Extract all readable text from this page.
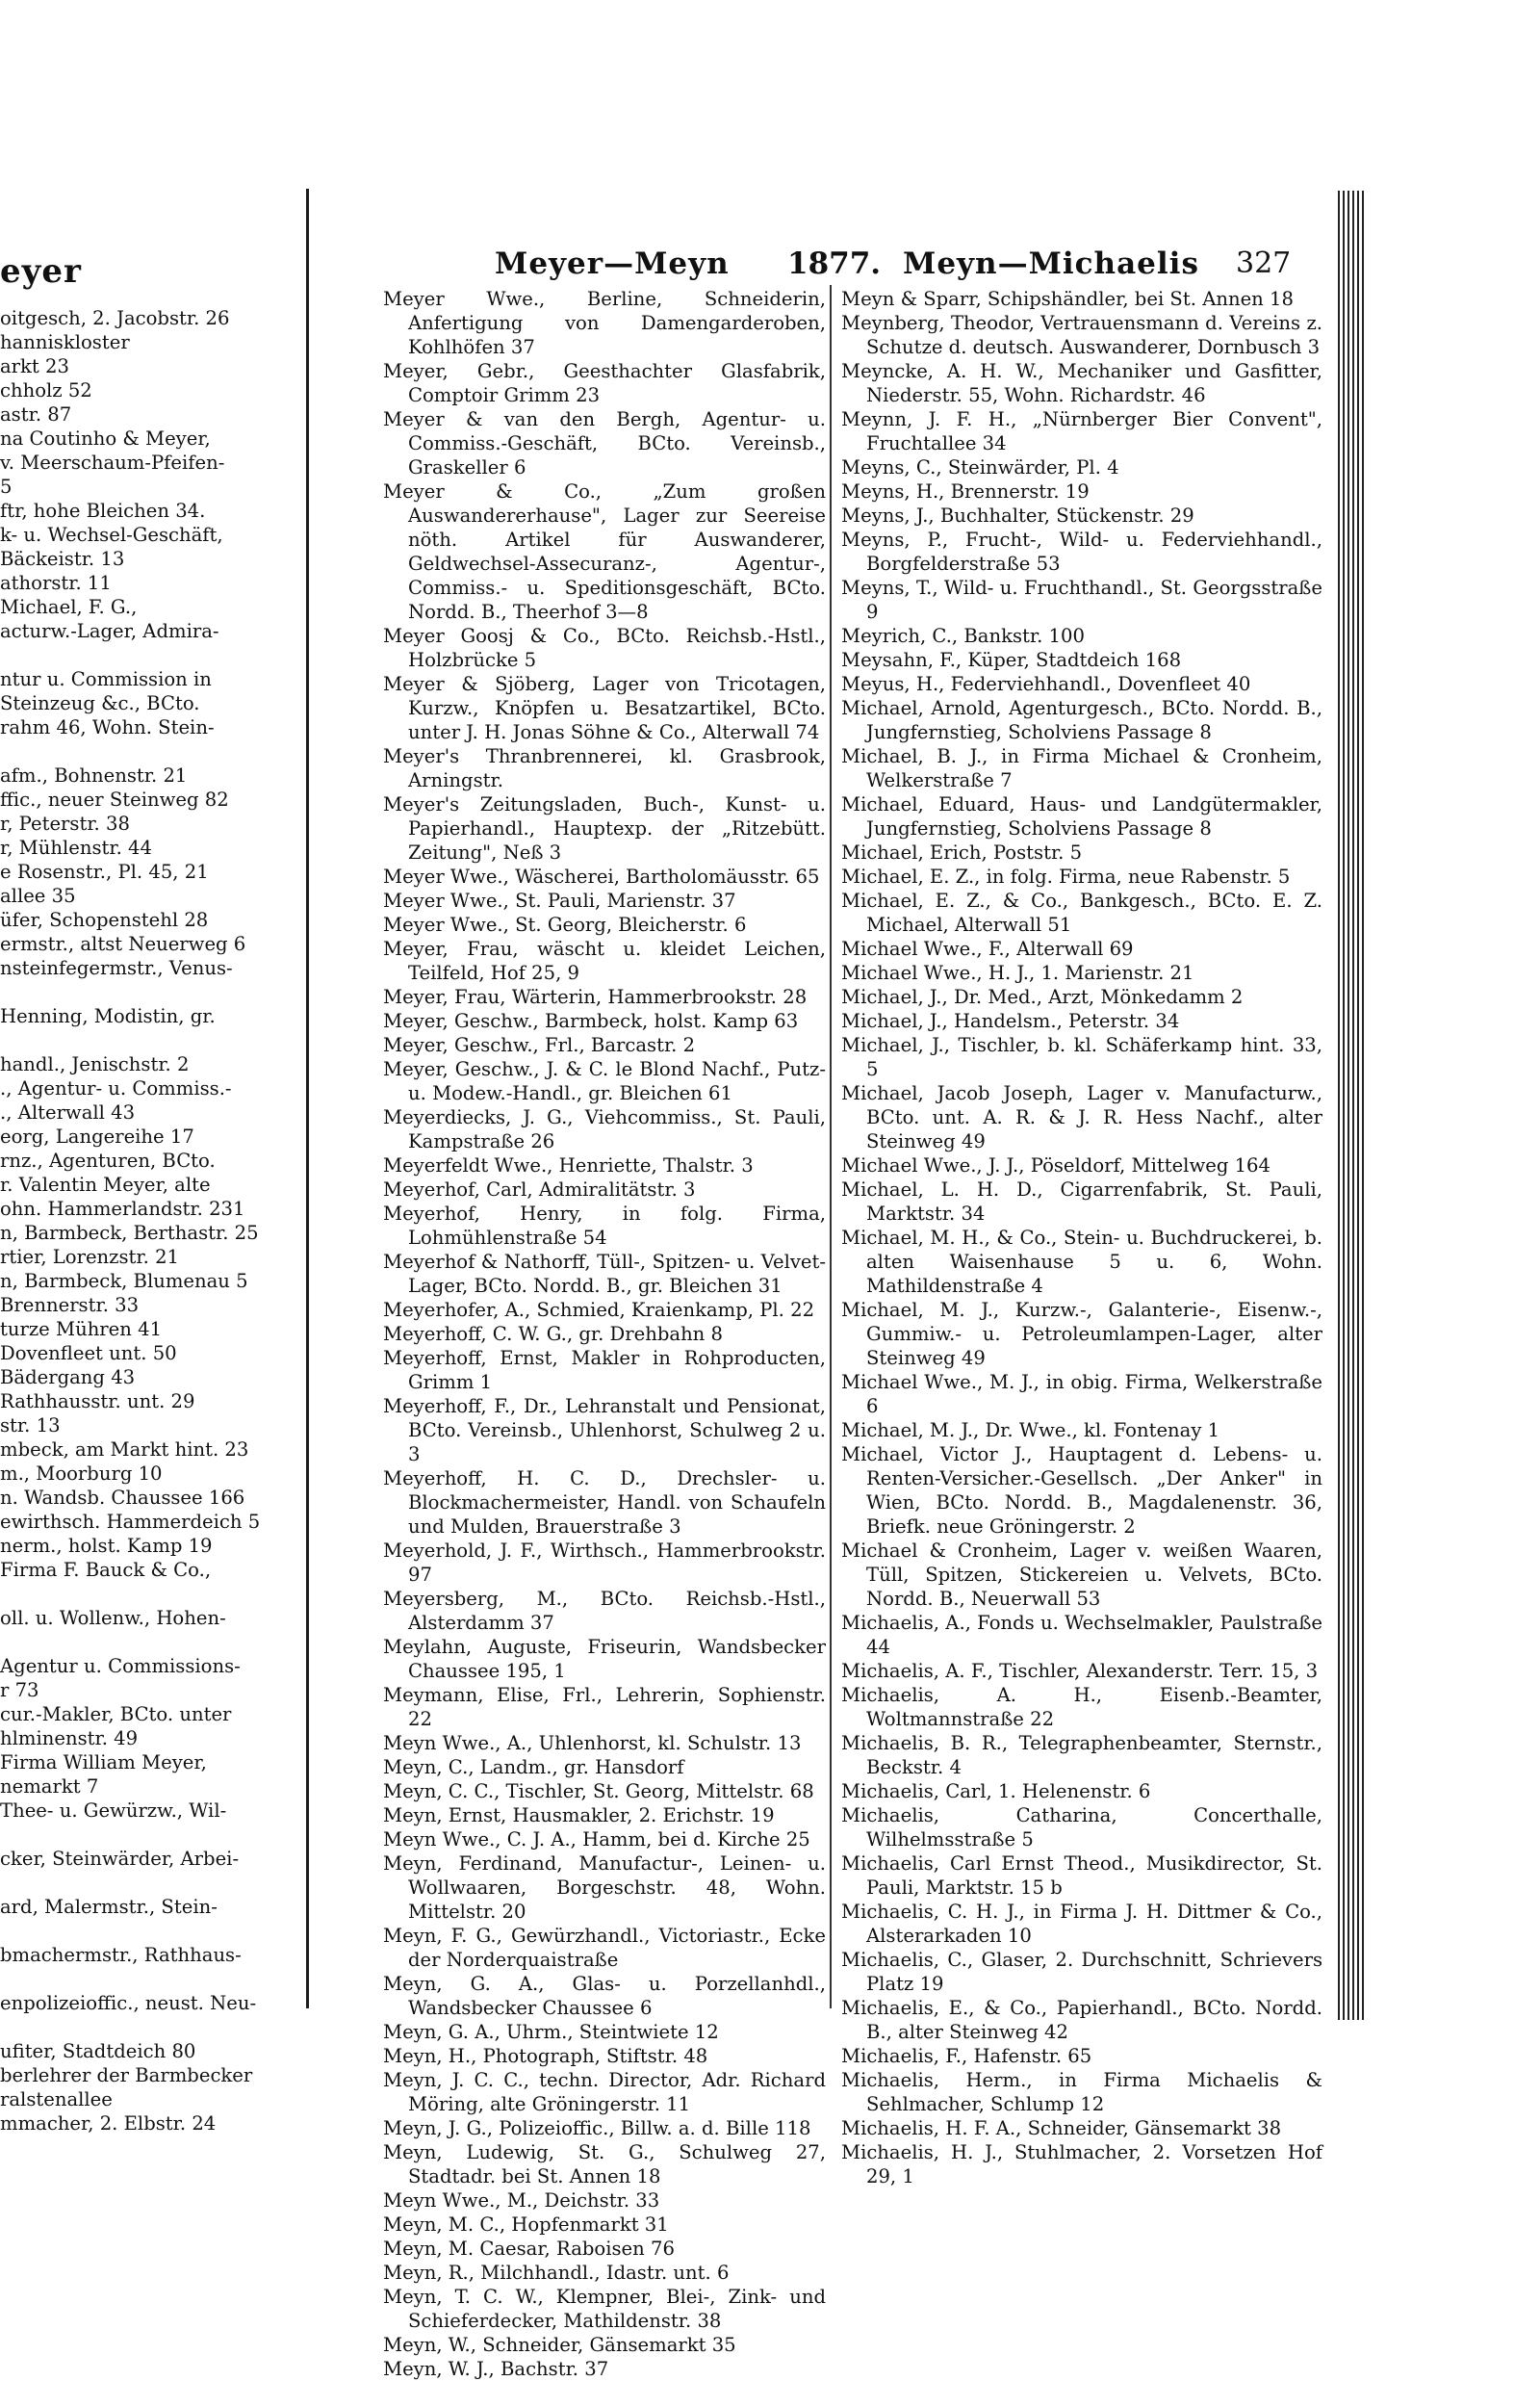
eyer

oitgesch, 2. Jacobstr. 26

hanniskloster

arkt 23

chholz 52

astr. 87

na Coutinho & Meyer,

v. Meerschaum-Pfeifen-

5

ftr, hohe Bleichen 34.

k- u. Wechsel-Geschäft,

Bäckeistr. 13

athorstr. 11

Michael, F. G.,

acturw.-Lager, Admira-

ntur u. Commission in

Steinzeug &c., BCto.

rahm 46, Wohn. Stein-

afm., Bohnenstr. 21

ffic., neuer Steinweg 82

r, Peterstr. 38

r, Mühlenstr. 44

e Rosenstr., Pl. 45, 21

allee 35

üfer, Schopenstehl 28

ermstr., altst Neuerweg 6

nsteinfegermstr., Venus-

Henning, Modistin, gr.

handl., Jenischstr. 2

., Agentur- u. Commiss.-

., Alterwall 43

eorg, Langereihe 17

rnz., Agenturen, BCto.

r. Valentin Meyer, alte

ohn. Hammerlandstr. 231

n, Barmbeck, Berthastr. 25

rtier, Lorenzstr. 21

n, Barmbeck, Blumenau 5

Brennerstr. 33

turze Mühren 41

Dovenfleet unt. 50

Bädergang 43

Rathhausstr. unt. 29

str. 13

mbeck, am Markt hint. 23

m., Moorburg 10

n. Wandsb. Chaussee 166

ewirthsch. Hammerdeich 5

nerm., holst. Kamp 19

Firma F. Bauck & Co.,

oll. u. Wollenw., Hohen-

Agentur u. Commissions-

r 73

cur.-Makler, BCto. unter

hlminenstr. 49

Firma William Meyer,

nemarkt 7

Thee- u. Gewürzw., Wil-

cker, Steinwärder, Arbei-

ard, Malermstr., Stein-

bmachermstr., Rathhaus-

enpolizeioffic., neust. Neu-

ufiter, Stadtdeich 80

berlehrer der Barmbecker

ralstenallee

mmacher, 2. Elbstr. 24

Meyer—Meyn 1877. Meyn—Michaelis 327

Meyer Wwe., Berline, Schneiderin, Anfertigung von Damengarderoben, Kohlhöfen 37

Meyer, Gebr., Geesthachter Glasfabrik, Comptoir Grimm 23

Meyer & van den Bergh, Agentur- u. Commiss.-Geschäft, BCto. Vereinsb., Graskeller 6

Meyer & Co., „Zum großen Auswandererhause", Lager zur Seereise nöth. Artikel für Auswanderer, Geldwechsel-Assecuranz-, Agentur-, Commiss.- u. Speditionsgeschäft, BCto. Nordd. B., Theerhof 3—8

Meyer Goosj & Co., BCto. Reichsb.-Hstl., Holzbrücke 5

Meyer & Sjöberg, Lager von Tricotagen, Kurzw., Knöpfen u. Besatzartikel, BCto. unter J. H. Jonas Söhne & Co., Alterwall 74

Meyer's Thranbrennerei, kl. Grasbrook, Arningstr.

Meyer's Zeitungsladen, Buch-, Kunst- u. Papierhandl., Hauptexp. der „Ritzebütt. Zeitung", Neß 3

Meyer Wwe., Wäscherei, Bartholomäusstr. 65

Meyer Wwe., St. Pauli, Marienstr. 37

Meyer Wwe., St. Georg, Bleicherstr. 6

Meyer, Frau, wäscht u. kleidet Leichen, Teilfeld, Hof 25, 9

Meyer, Frau, Wärterin, Hammerbrookstr. 28

Meyer, Geschw., Barmbeck, holst. Kamp 63

Meyer, Geschw., Frl., Barcastr. 2

Meyer, Geschw., J. & C. le Blond Nachf., Putz- u. Modew.-Handl., gr. Bleichen 61

Meyerdiecks, J. G., Viehcommiss., St. Pauli, Kampstraße 26

Meyerfeldt Wwe., Henriette, Thalstr. 3

Meyerhof, Carl, Admiralitätstr. 3

Meyerhof, Henry, in folg. Firma, Lohmühlenstraße 54

Meyerhof & Nathorff, Tüll-, Spitzen- u. Velvet-Lager, BCto. Nordd. B., gr. Bleichen 31

Meyerhofer, A., Schmied, Kraienkamp, Pl. 22

Meyerhoff, C. W. G., gr. Drehbahn 8

Meyerhoff, Ernst, Makler in Rohproducten, Grimm 1

Meyerhoff, F., Dr., Lehranstalt und Pensionat, BCto. Vereinsb., Uhlenhorst, Schulweg 2 u. 3

Meyerhoff, H. C. D., Drechsler- u. Blockmachermeister, Handl. von Schaufeln und Mulden, Brauerstraße 3

Meyerhold, J. F., Wirthsch., Hammerbrookstr. 97

Meyersberg, M., BCto. Reichsb.-Hstl., Alsterdamm 37

Meylahn, Auguste, Friseurin, Wandsbecker Chaussee 195, 1

Meymann, Elise, Frl., Lehrerin, Sophienstr. 22

Meyn Wwe., A., Uhlenhorst, kl. Schulstr. 13

Meyn, C., Landm., gr. Hansdorf

Meyn, C. C., Tischler, St. Georg, Mittelstr. 68

Meyn, Ernst, Hausmakler, 2. Erichstr. 19

Meyn Wwe., C. J. A., Hamm, bei d. Kirche 25

Meyn, Ferdinand, Manufactur-, Leinen- u. Wollwaaren, Borgeschstr. 48, Wohn. Mittelstr. 20

Meyn, F. G., Gewürzhandl., Victoriastr., Ecke der Norderquaistraße

Meyn, G. A., Glas- u. Porzellanhdl., Wandsbecker Chaussee 6

Meyn, G. A., Uhrm., Steintwiete 12

Meyn, H., Photograph, Stiftstr. 48

Meyn, J. C. C., techn. Director, Adr. Richard Möring, alte Gröningerstr. 11

Meyn, J. G., Polizeioffic., Billw. a. d. Bille 118

Meyn, Ludewig, St. G., Schulweg 27, Stadtadr. bei St. Annen 18

Meyn Wwe., M., Deichstr. 33

Meyn, M. C., Hopfenmarkt 31

Meyn, M. Caesar, Raboisen 76

Meyn, R., Milchhandl., Idastr. unt. 6

Meyn, T. C. W., Klempner, Blei-, Zink- und Schieferdecker, Mathildenstr. 38

Meyn, W., Schneider, Gänsemarkt 35

Meyn, W. J., Bachstr. 37

Meyn & Sparr, Schipshändler, bei St. Annen 18

Meynberg, Theodor, Vertrauensmann d. Vereins z. Schutze d. deutsch. Auswanderer, Dornbusch 3

Meyncke, A. H. W., Mechaniker und Gasfitter, Niederstr. 55, Wohn. Richardstr. 46

Meynn, J. F. H., „Nürnberger Bier Convent", Fruchtallee 34

Meyns, C., Steinwärder, Pl. 4

Meyns, H., Brennerstr. 19

Meyns, J., Buchhalter, Stückenstr. 29

Meyns, P., Frucht-, Wild- u. Federviehhandl., Borgfelderstraße 53

Meyns, T., Wild- u. Fruchthandl., St. Georgsstraße 9

Meyrich, C., Bankstr. 100

Meysahn, F., Küper, Stadtdeich 168

Meyus, H., Federviehhandl., Dovenfleet 40

Michael, Arnold, Agenturgesch., BCto. Nordd. B., Jungfernstieg, Scholviens Passage 8

Michael, B. J., in Firma Michael & Cronheim, Welkerstraße 7

Michael, Eduard, Haus- und Landgütermakler, Jungfernstieg, Scholviens Passage 8

Michael, Erich, Poststr. 5

Michael, E. Z., in folg. Firma, neue Rabenstr. 5

Michael, E. Z., & Co., Bankgesch., BCto. E. Z. Michael, Alterwall 51

Michael Wwe., F., Alterwall 69

Michael Wwe., H. J., 1. Marienstr. 21

Michael, J., Dr. Med., Arzt, Mönkedamm 2

Michael, J., Handelsm., Peterstr. 34

Michael, J., Tischler, b. kl. Schäferkamp hint. 33, 5

Michael, Jacob Joseph, Lager v. Manufacturw., BCto. unt. A. R. & J. R. Hess Nachf., alter Steinweg 49

Michael Wwe., J. J., Pöseldorf, Mittelweg 164

Michael, L. H. D., Cigarrenfabrik, St. Pauli, Marktstr. 34

Michael, M. H., & Co., Stein- u. Buchdruckerei, b. alten Waisenhause 5 u. 6, Wohn. Mathildenstraße 4

Michael, M. J., Kurzw.-, Galanterie-, Eisenw.-, Gummiw.- u. Petroleumlampen-Lager, alter Steinweg 49

Michael Wwe., M. J., in obig. Firma, Welkerstraße 6

Michael, M. J., Dr. Wwe., kl. Fontenay 1

Michael, Victor J., Hauptagent d. Lebens- u. Renten-Versicher.-Gesellsch. „Der Anker" in Wien, BCto. Nordd. B., Magdalenenstr. 36, Briefk. neue Gröningerstr. 2

Michael & Cronheim, Lager v. weißen Waaren, Tüll, Spitzen, Stickereien u. Velvets, BCto. Nordd. B., Neuerwall 53

Michaelis, A., Fonds u. Wechselmakler, Paulstraße 44

Michaelis, A. F., Tischler, Alexanderstr. Terr. 15, 3

Michaelis, A. H., Eisenb.-Beamter, Woltmannstraße 22

Michaelis, B. R., Telegraphenbeamter, Sternstr., Beckstr. 4

Michaelis, Carl, 1. Helenenstr. 6

Michaelis, Catharina, Concerthalle, Wilhelmsstraße 5

Michaelis, Carl Ernst Theod., Musikdirector, St. Pauli, Marktstr. 15 b

Michaelis, C. H. J., in Firma J. H. Dittmer & Co., Alsterarkaden 10

Michaelis, C., Glaser, 2. Durchschnitt, Schrievers Platz 19

Michaelis, E., & Co., Papierhandl., BCto. Nordd. B., alter Steinweg 42

Michaelis, F., Hafenstr. 65

Michaelis, Herm., in Firma Michaelis & Sehlmacher, Schlump 12

Michaelis, H. F. A., Schneider, Gänsemarkt 38

Michaelis, H. J., Stuhlmacher, 2. Vorsetzen Hof 29, 1
